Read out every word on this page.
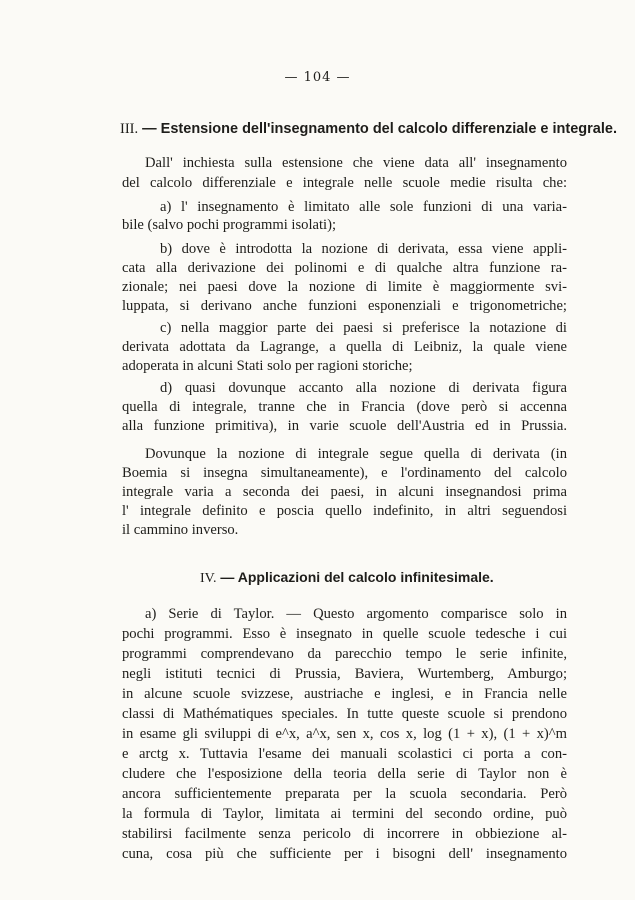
— 104 —
III. — Estensione dell'insegnamento del calcolo differenziale e integrale.
Dall' inchiesta sulla estensione che viene data all' insegnamento
del calcolo differenziale e integrale nelle scuole medie risulta che:
a) l' insegnamento è limitato alle sole funzioni di una varia-
bile (salvo pochi programmi isolati);
b) dove è introdotta la nozione di derivata, essa viene appli-
cata alla derivazione dei polinomi e di qualche altra funzione ra-
zionale; nei paesi dove la nozione di limite è maggiormente svi-
luppata, si derivano anche funzioni esponenziali e trigonometriche;
c) nella maggior parte dei paesi si preferisce la notazione di
derivata adottata da Lagrange, a quella di Leibniz, la quale viene
adoperata in alcuni Stati solo per ragioni storiche;
d) quasi dovunque accanto alla nozione di derivata figura
quella di integrale, tranne che in Francia (dove però si accenna
alla funzione primitiva), in varie scuole dell'Austria ed in Prussia.
Dovunque la nozione di integrale segue quella di derivata (in
Boemia si insegna simultaneamente), e l'ordinamento del calcolo
integrale varia a seconda dei paesi, in alcuni insegnandosi prima
l' integrale definito e poscia quello indefinito, in altri seguendosi
il cammino inverso.
IV. — Applicazioni del calcolo infinitesimale.
a) Serie di Taylor. — Questo argomento comparisce solo in
pochi programmi. Esso è insegnato in quelle scuole tedesche i cui
programmi comprendevano da parecchio tempo le serie infinite,
negli istituti tecnici di Prussia, Baviera, Wurtemberg, Amburgo;
in alcune scuole svizzese, austriache e inglesi, e in Francia nelle
classi di Mathématiques speciales. In tutte queste scuole si prendono
in esame gli sviluppi di e^x, a^x, sen x, cos x, log (1 + x), (1 + x)^m
e arctg x. Tuttavia l'esame dei manuali scolastici ci porta a con-
cludere che l'esposizione della teoria della serie di Taylor non è
ancora sufficientemente preparata per la scuola secondaria. Però
la formula di Taylor, limitata ai termini del secondo ordine, può
stabilirsi facilmente senza pericolo di incorrere in obbiezione al-
cuna, cosa più che sufficiente per i bisogni dell' insegnamento
